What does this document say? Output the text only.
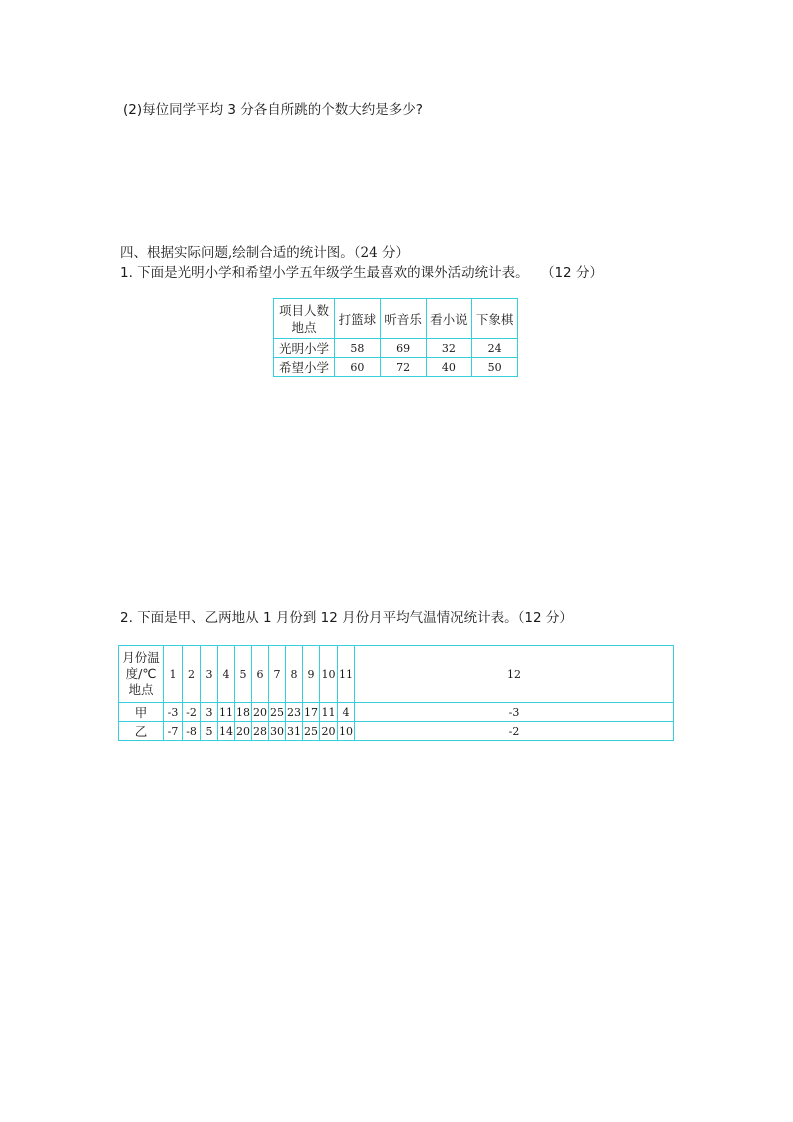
(2)每位同学平均 3 分各自所跳的个数大约是多少?
四、根据实际问题,绘制合适的统计图。（24 分）
1. 下面是光明小学和希望小学五年级学生最喜欢的课外活动统计表。 （12 分）
项目人数
地点	打篮球	听音乐	看小说	下象棋
光明小学	58	69	32	24
希望小学	60	72	40	50
2. 下面是甲、乙两地从 1 月份到 12 月份月平均气温情况统计表。（12 分）
月份温
度/℃
地点	1	2	3	4	5	6	7	8	9	10	11	12
甲	-3	-2	3	11	18	20	25	23	17	11	4	-3
乙	-7	-8	5	14	20	28	30	31	25	20	10	-2
